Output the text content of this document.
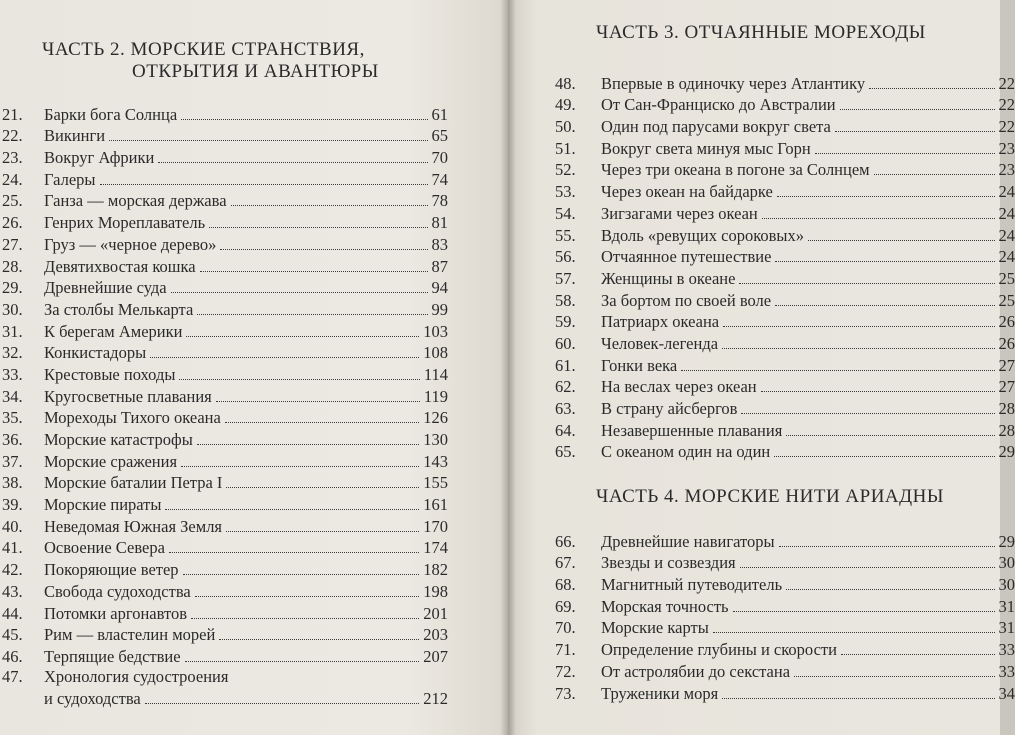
ЧАСТЬ 2. МОРСКИЕ СТРАНСТВИЯ,
ОТКРЫТИЯ И АВАНТЮРЫ
21.	Барки бога Солнца	61
22.	Викинги	65
23.	Вокруг Африки	70
24.	Галеры	74
25.	Ганза — морская держава	78
26.	Генрих Мореплаватель	81
27.	Груз — «черное дерево»	83
28.	Девятихвостая кошка	87
29.	Древнейшие суда	94
30.	За столбы Мелькарта	99
31.	К берегам Америки	103
32.	Конкистадоры	108
33.	Крестовые походы	114
34.	Кругосветные плавания	119
35.	Мореходы Тихого океана	126
36.	Морские катастрофы	130
37.	Морские сражения	143
38.	Морские баталии Петра I	155
39.	Морские пираты	161
40.	Неведомая Южная Земля	170
41.	Освоение Севера	174
42.	Покоряющие ветер	182
43.	Свобода судоходства	198
44.	Потомки аргонавтов	201
45.	Рим — властелин морей	203
46.	Терпящие бедствие	207
47.	Хронология судостроения
и судоходства	212
ЧАСТЬ 3. ОТЧАЯННЫЕ МОРЕХОДЫ
48.	Впервые в одиночку через Атлантику	22
49.	От Сан-Франциско до Австралии	22
50.	Один под парусами вокруг света	22
51.	Вокруг света минуя мыс Горн	23
52.	Через три океана в погоне за Солнцем	23
53.	Через океан на байдарке	24
54.	Зигзагами через океан	24
55.	Вдоль «ревущих сороковых»	24
56.	Отчаянное путешествие	24
57.	Женщины в океане	25
58.	За бортом по своей воле	25
59.	Патриарх океана	26
60.	Человек-легенда	26
61.	Гонки века	27
62.	На веслах через океан	27
63.	В страну айсбергов	28
64.	Незавершенные плавания	28
65.	С океаном один на один	29
ЧАСТЬ 4. МОРСКИЕ НИТИ АРИАДНЫ
66.	Древнейшие навигаторы	29
67.	Звезды и созвездия	30
68.	Магнитный путеводитель	30
69.	Морская точность	31
70.	Морские карты	31
71.	Определение глубины и скорости	33
72.	От астролябии до секстана	33
73.	Труженики моря	34
